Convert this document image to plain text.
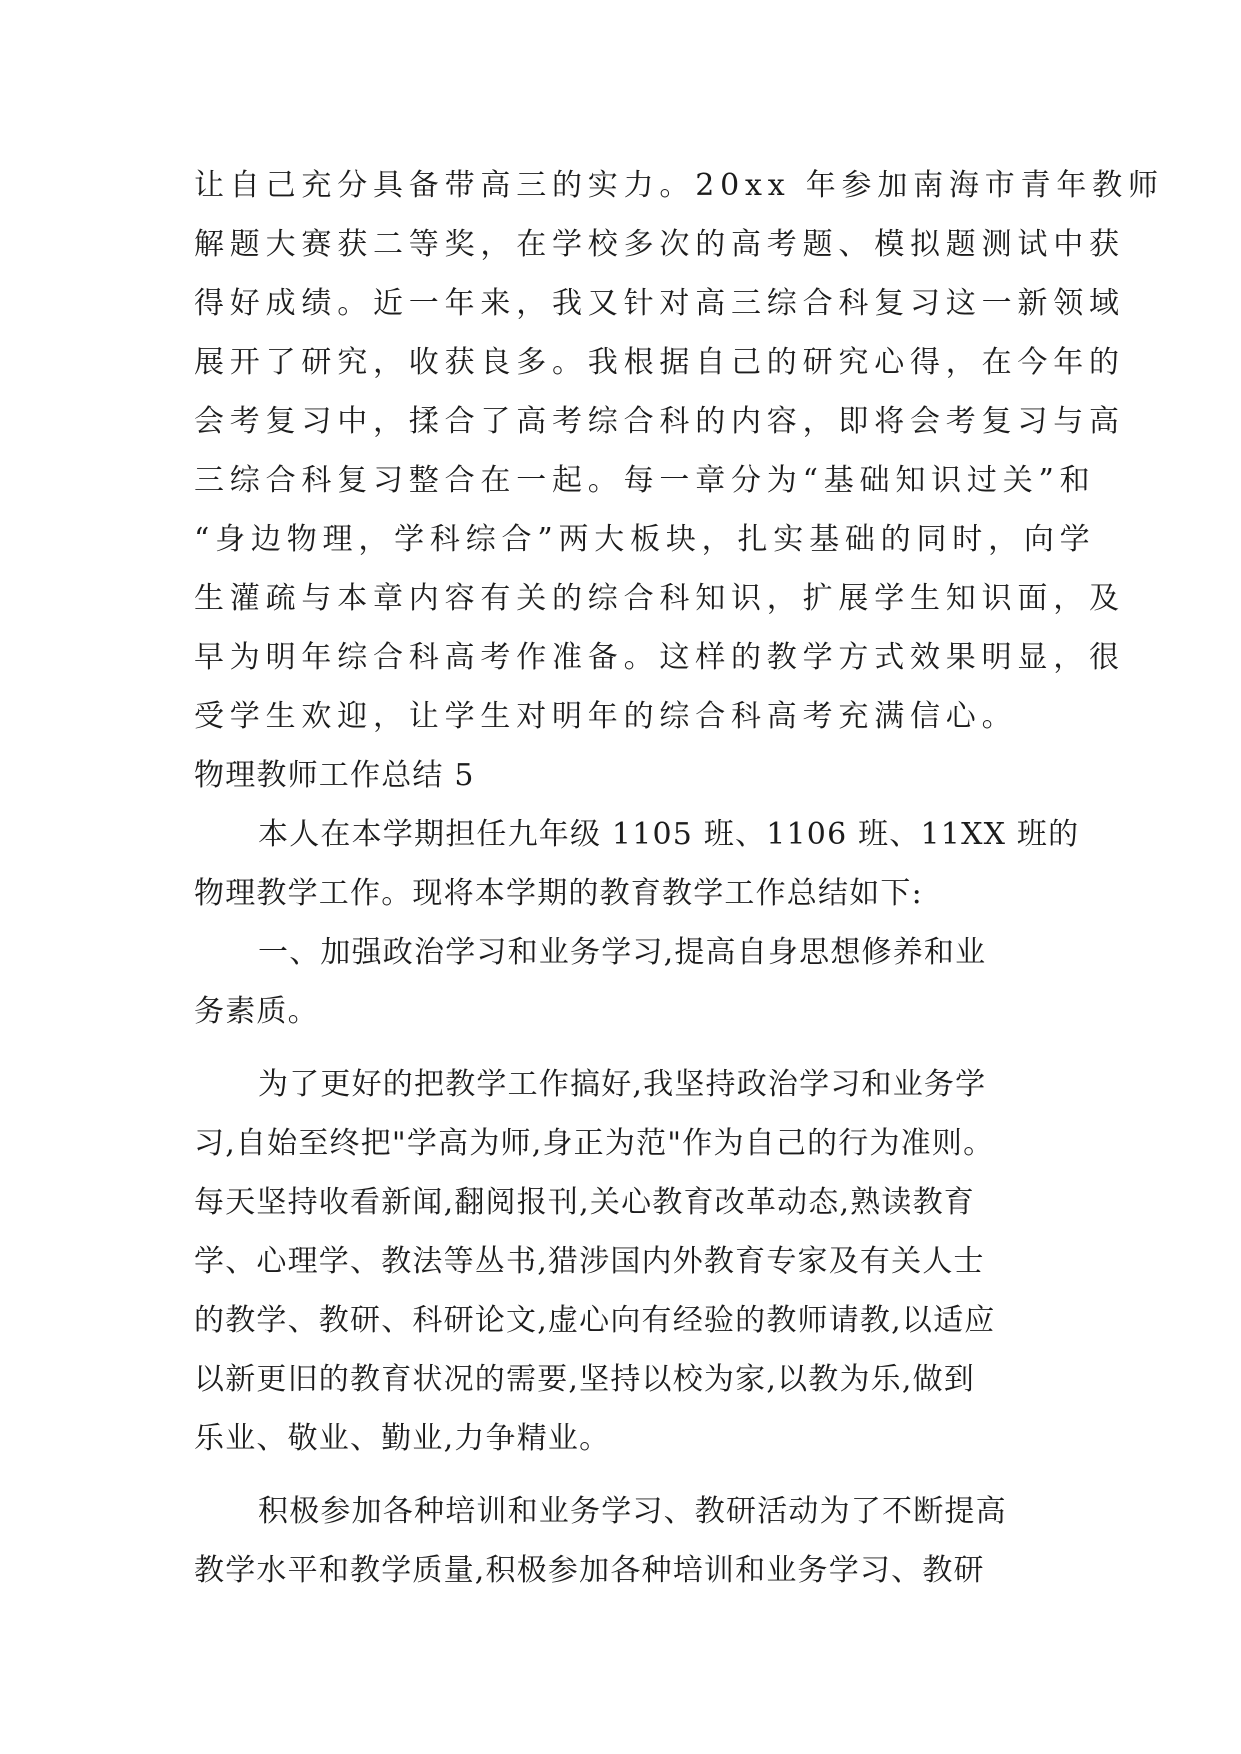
让自己充分具备带高三的实力。20xx 年参加南海市青年教师
解题大赛获二等奖，在学校多次的高考题、模拟题测试中获
得好成绩。近一年来，我又针对高三综合科复习这一新领域
展开了研究，收获良多。我根据自己的研究心得，在今年的
会考复习中，揉合了高考综合科的内容，即将会考复习与高
三综合科复习整合在一起。每一章分为“基础知识过关”和
“身边物理，学科综合”两大板块，扎实基础的同时，向学
生灌疏与本章内容有关的综合科知识，扩展学生知识面，及
早为明年综合科高考作准备。这样的教学方式效果明显，很
受学生欢迎，让学生对明年的综合科高考充满信心。
物理教师工作总结 5
本人在本学期担任九年级 1105 班、1106 班、11XX 班的
物理教学工作。现将本学期的教育教学工作总结如下:
一、加强政治学习和业务学习,提高自身思想修养和业
务素质。
为了更好的把教学工作搞好,我坚持政治学习和业务学
习,自始至终把"学高为师,身正为范"作为自己的行为准则。
每天坚持收看新闻,翻阅报刊,关心教育改革动态,熟读教育
学、心理学、教法等丛书,猎涉国内外教育专家及有关人士
的教学、教研、科研论文,虚心向有经验的教师请教,以适应
以新更旧的教育状况的需要,坚持以校为家,以教为乐,做到
乐业、敬业、勤业,力争精业。
积极参加各种培训和业务学习、教研活动为了不断提高
教学水平和教学质量,积极参加各种培训和业务学习、教研
